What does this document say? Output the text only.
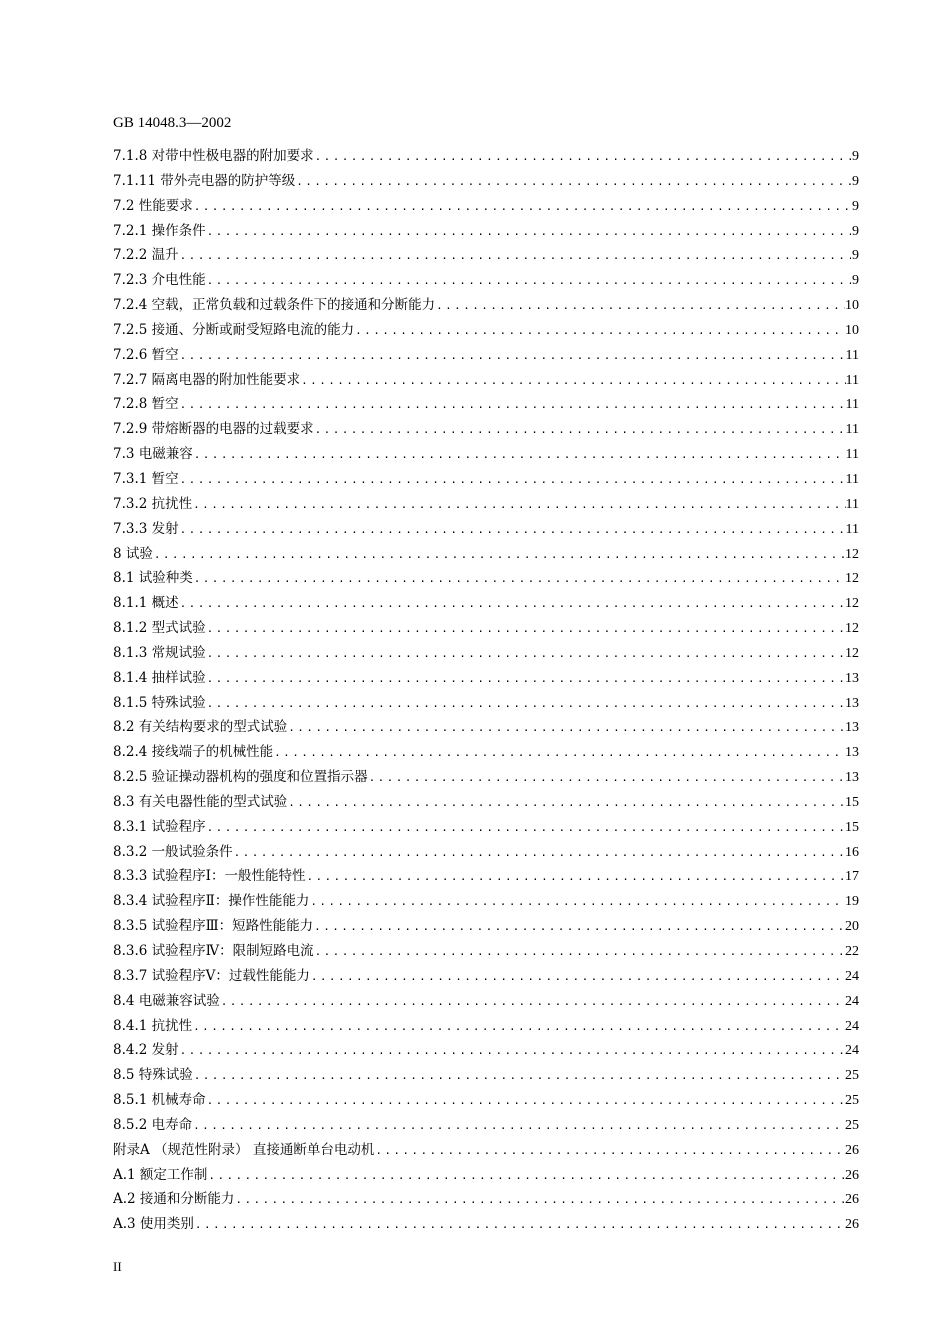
GB 14048.3—2002
7.1.8 对带中性极电器的附加要求 .....	9
7.1.11 带外壳电器的防护等级 .....	9
7.2 性能要求 .....	9
7.2.1 操作条件 .....	9
7.2.2 温升 .....	9
7.2.3 介电性能 .....	9
7.2.4 空载，正常负载和过载条件下的接通和分断能力 .....	10
7.2.5 接通、分断或耐受短路电流的能力 .....	10
7.2.6 暂空 .....	11
7.2.7 隔离电器的附加性能要求 .....	11
7.2.8 暂空 .....	11
7.2.9 带熔断器的电器的过载要求 .....	11
7.3 电磁兼容 .....	11
7.3.1 暂空 .....	11
7.3.2 抗扰性 .....	11
7.3.3 发射 .....	11
8 试验 .....	12
8.1 试验种类 .....	12
8.1.1 概述 .....	12
8.1.2 型式试验 .....	12
8.1.3 常规试验 .....	12
8.1.4 抽样试验 .....	13
8.1.5 特殊试验 .....	13
8.2 有关结构要求的型式试验 .....	13
8.2.4 接线端子的机械性能 .....	13
8.2.5 验证操动器机构的强度和位置指示器 .....	13
8.3 有关电器性能的型式试验 .....	15
8.3.1 试验程序 .....	15
8.3.2 一般试验条件 .....	16
8.3.3 试验程序Ⅰ：一般性能特性 .....	17
8.3.4 试验程序Ⅱ：操作性能能力 .....	19
8.3.5 试验程序Ⅲ：短路性能能力 .....	20
8.3.6 试验程序Ⅳ：限制短路电流 .....	22
8.3.7 试验程序Ⅴ：过载性能能力 .....	24
8.4 电磁兼容试验 .....	24
8.4.1 抗扰性 .....	24
8.4.2 发射 .....	24
8.5 特殊试验 .....	25
8.5.1 机械寿命 .....	25
8.5.2 电寿命 .....	25
附录A （规范性附录） 直接通断单台电动机 .....	26
A.1 额定工作制 .....	26
A.2 接通和分断能力 .....	26
A.3 使用类别 .....	26
II
